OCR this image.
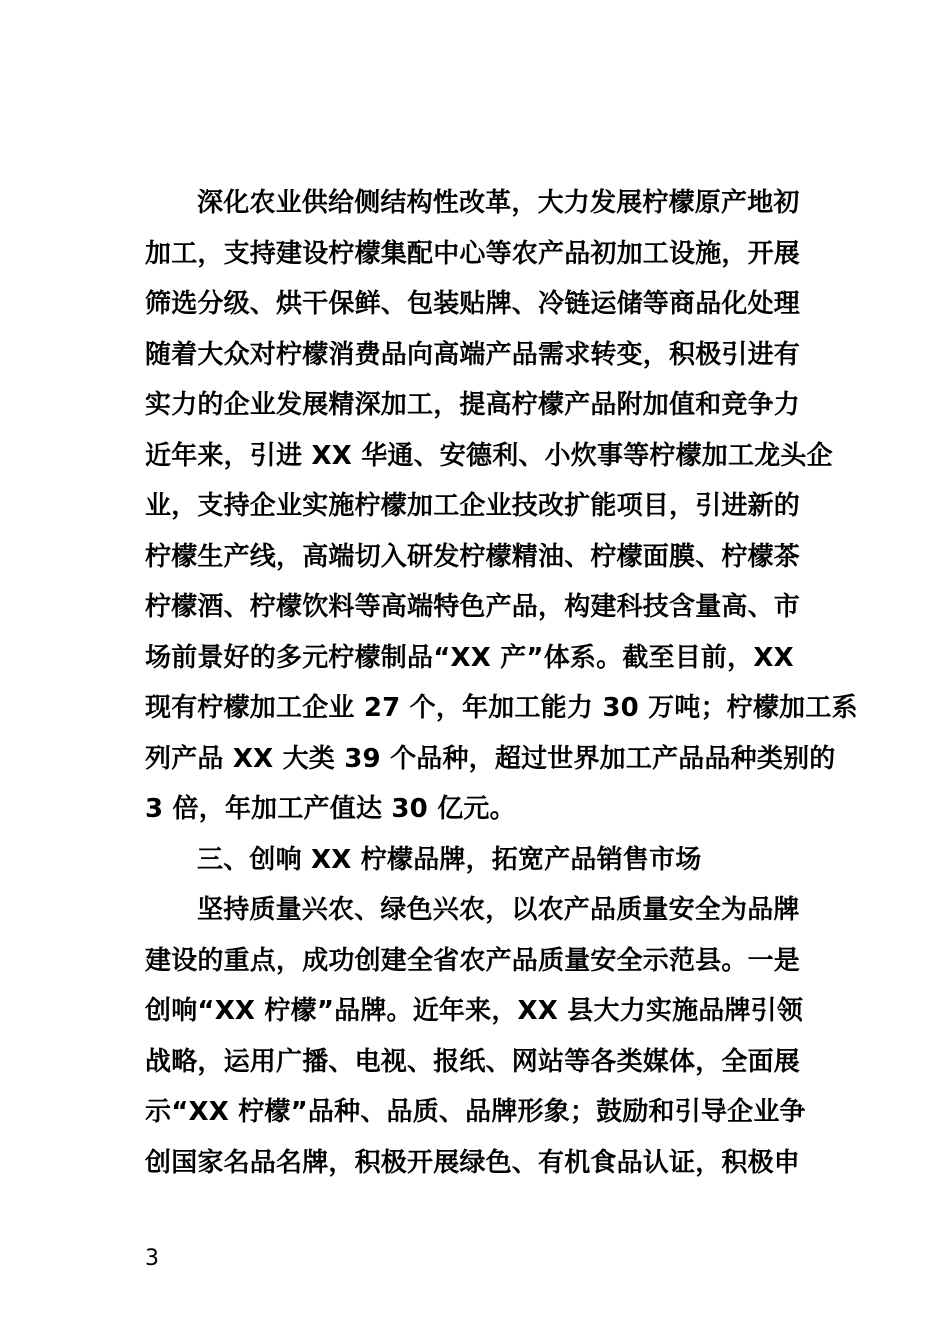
深化农业供给侧结构性改革，大力发展柠檬原产地初
加工，支持建设柠檬集配中心等农产品初加工设施，开展
筛选分级、烘干保鲜、包装贴牌、冷链运储等商品化处理
随着大众对柠檬消费品向高端产品需求转变，积极引进有
实力的企业发展精深加工，提高柠檬产品附加值和竞争力
近年来，引进 XX 华通、安德利、小炊事等柠檬加工龙头企
业，支持企业实施柠檬加工企业技改扩能项目，引进新的
柠檬生产线，高端切入研发柠檬精油、柠檬面膜、柠檬茶
柠檬酒、柠檬饮料等高端特色产品，构建科技含量高、市
场前景好的多元柠檬制品“XX 产”体系。截至目前，XX
现有柠檬加工企业 27 个，年加工能力 30 万吨；柠檬加工系
列产品 XX 大类 39 个品种，超过世界加工产品品种类别的
3 倍，年加工产值达 30 亿元。
三、创响 XX 柠檬品牌，拓宽产品销售市场
坚持质量兴农、绿色兴农，以农产品质量安全为品牌
建设的重点，成功创建全省农产品质量安全示范县。一是
创响“XX 柠檬”品牌。近年来，XX 县大力实施品牌引领
战略，运用广播、电视、报纸、网站等各类媒体，全面展
示“XX 柠檬”品种、品质、品牌形象；鼓励和引导企业争
创国家名品名牌，积极开展绿色、有机食品认证，积极申
3
